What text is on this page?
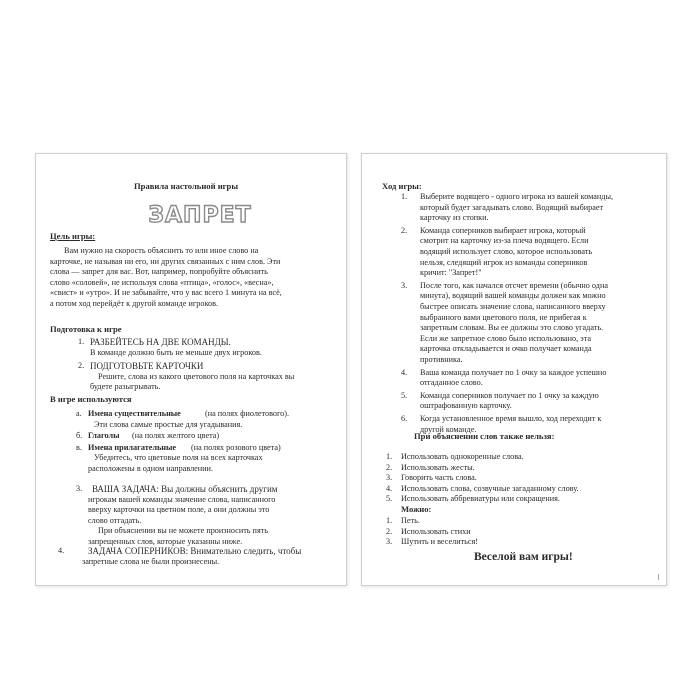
Правила настольной игры
ЗАПРЕТ
Цель игры:
Вам нужно на скорость объяснить то или иное слово на
карточке, не называя ни его, ни других связанных с ним слов. Эти
слова — запрет для вас. Вот, например, попробуйте объяснить
слово «соловей», не используя слова «птица», «голос», «весна»,
«свист» и «утро». И не забывайте, что у вас всего 1 минута на всё,
а потом ход перейдёт к другой команде игроков.
Подготовка к игре
1. РАЗБЕЙТЕСЬ НА ДВЕ КОМАНДЫ.
В команде должно быть не меньше двух игроков.
2. ПОДГОТОВЬТЕ КАРТОЧКИ
Решите, слова из какого цветового поля на карточках вы
будете разыгрывать.
В игре используются
a. Имена существительные	(на полях фиолетового).
Эти слова самые простые для угадывания.
б. Глаголы (на полях желтого цвета)
в. Имена прилагательные (на полях розового цвета)
Убедитесь, что цветовые поля на всех карточках
расположены в одном направлении.
3. ВАША ЗАДАЧА: Вы должны объяснить другим
игрокам вашей команды значение слова, написанного
вверху карточки на цветном поле, а они должны это
слово отгадать.
При объяснении вы не можете произносить пять
запрещенных слов, которые указанны ниже.
4.	ЗАДАЧА СОПЕРНИКОВ: Внимательно следить, чтобы
запретные слова не были произнесены.
Ход игры:
1. Выберите водящего - одного игрока из вашей команды,
который будет загадывать слово. Водящий выбирает
карточку из стопки.
2. Команда соперников выбирает игрока, который
смотрит на карточку из-за плеча водящего. Если
водящий использует слово, которое использовать
нельзя, следящий игрок из команды соперников
кричит: "Запрет!"
3. После того, как начался отсчет времени (обычно одна
минута), водящий вашей команды должен как можно
быстрее описать значение слова, написанного вверху
выбранного вами цветового поля, не прибегая к
запретным словам. Вы ее должны это слово угадать.
Если же запретное слово было использовано, эта
карточка откладывается и очко получает команда
противника.
4. Ваша команда получает по 1 очку за каждое успешно
отгаданное слово.
5. Команда соперников получает по 1 очку за каждую
оштрафованную карточку.
6. Когда установленное время вышло, ход переходит к
другой команде.
При объяснении слов также нельзя:
1. Использовать однокоренные слова.
2. Использовать жесты.
3. Говорить часть слова.
4. Использовать слова, созвучные загаданному слову.
5. Использовать аббревиатуры или сокращения.
Можно:
1. Петь.
2. Использовать стихи
3. Шутить и веселиться!
Веселой вам игры!
